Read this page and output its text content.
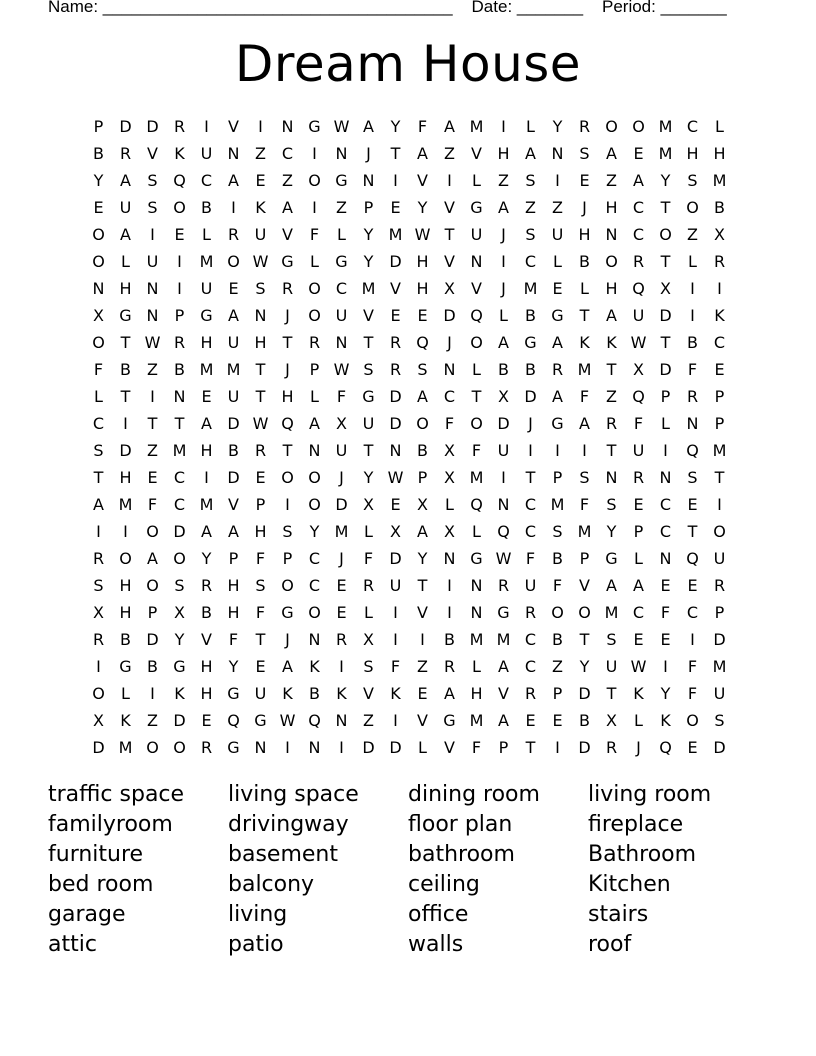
Name: _____________________________________ Date: _______ Period: _______
Dream House
P	D D R	I	V	I	N G W A	Y	F	A M	I	L	Y	R O O M C	L
B R V	K U N Z C	I	N	J	T	A	Z	V H A N S	A	E M H H
Y	A	S Q C A	E	Z O G N	I	V	I	L	Z	S	I	E	Z	A	Y	S M
E	U	S O B	I	K	A	I	Z	P	E	Y	V G A	Z	Z	J	H C	T O B
O A	I	E	L	R U V	F	L	Y M W T	U	J	S	U H N C O Z	X
O	L	U	I	M O W G	L	G Y D H V N	I	C	L	B O R	T	L	R
N H N	I	U	E	S	R O C M V H X	V	J	M E	L	H Q X	I	I
X G N	P G A N	J	O U V	E	E D Q	L	B G T	A U D	I	K
O T W R H U H	T	R N	T	R Q	J	O A G A	K	K W T	B C
F	B	Z	B M M T	J	P W S	R	S N	L	B	B R M T	X D	F	E
L	T	I	N E	U	T	H	L	F	G D A C	T	X D A	F	Z Q P	R	P
C	I	T	T	A D W Q A	X U D O	F	O D	J	G A R	F	L	N	P
S D Z M H B R	T	N U	T	N B	X	F	U	I	I	I	T	U	I	Q M
T	H E	C	I	D E O O	J	Y W P	X M	I	T	P	S N R N S	T
A M F	C M V	P	I	O D X	E	X	L	Q N C M F	S	E	C	E	I
I	I	O D A	A H S	Y M L	X	A	X	L	Q C	S M Y	P	C	T O
R O A O Y	P	F	P	C	J	F	D Y	N G W F	B	P G	L	N Q U
S H O S	R H S O C	E	R U	T	I	N R U	F	V	A	A	E	E	R
X H	P	X	B H	F	G O E	L	I	V	I	N G R O O M C	F	C	P
R B D Y	V	F	T	J	N R X	I	I	B M M C B	T	S	E	E	I	D
I	G B G H	Y	E	A	K	I	S	F	Z R	L	A C Z	Y	U W	I	F M
O	L	I	K H G U K	B	K	V	K	E	A H V R	P	D T	K	Y	F	U
X	K	Z D E Q G W Q N Z	I	V G M A	E	E	B	X	L	K O S
D M O O R G N	I	N	I	D D	L	V	F	P	T	I	D R	J	Q E D
traffic space	living space	dining room	living room
familyroom	drivingway	floor plan	fireplace
furniture	basement	bathroom	Bathroom
bed room	balcony	ceiling	Kitchen
garage	living	office	stairs
attic	patio	walls	roof
